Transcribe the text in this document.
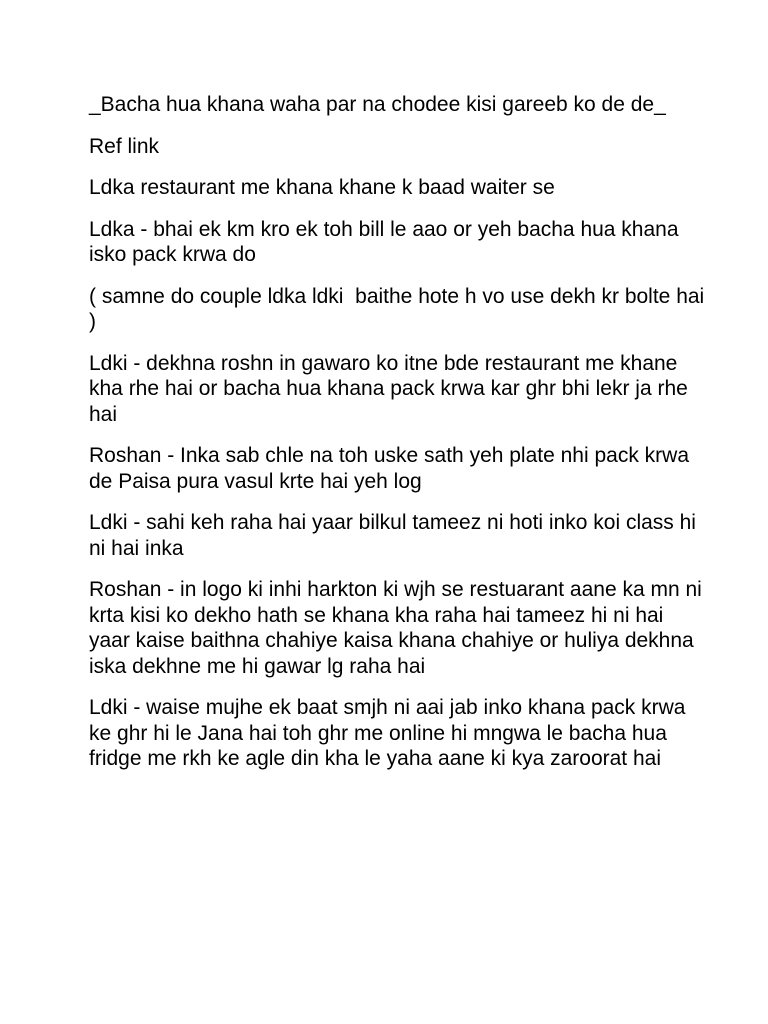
_Bacha hua khana waha par na chodee kisi gareeb ko de de_

Ref link

Ldka restaurant me khana khane k baad waiter se

Ldka - bhai ek km kro ek toh bill le aao or yeh bacha hua khana isko pack krwa do

( samne do couple ldka ldki  baithe hote h vo use dekh kr bolte hai )

Ldki - dekhna roshn in gawaro ko itne bde restaurant me khane kha rhe hai or bacha hua khana pack krwa kar ghr bhi lekr ja rhe hai

Roshan - Inka sab chle na toh uske sath yeh plate nhi pack krwa de Paisa pura vasul krte hai yeh log

Ldki - sahi keh raha hai yaar bilkul tameez ni hoti inko koi class hi ni hai inka

Roshan - in logo ki inhi harkton ki wjh se restuarant aane ka mn ni krta kisi ko dekho hath se khana kha raha hai tameez hi ni hai yaar kaise baithna chahiye kaisa khana chahiye or huliya dekhna iska dekhne me hi gawar lg raha hai

Ldki - waise mujhe ek baat smjh ni aai jab inko khana pack krwa ke ghr hi le Jana hai toh ghr me online hi mngwa le bacha hua fridge me rkh ke agle din kha le yaha aane ki kya zaroorat hai
